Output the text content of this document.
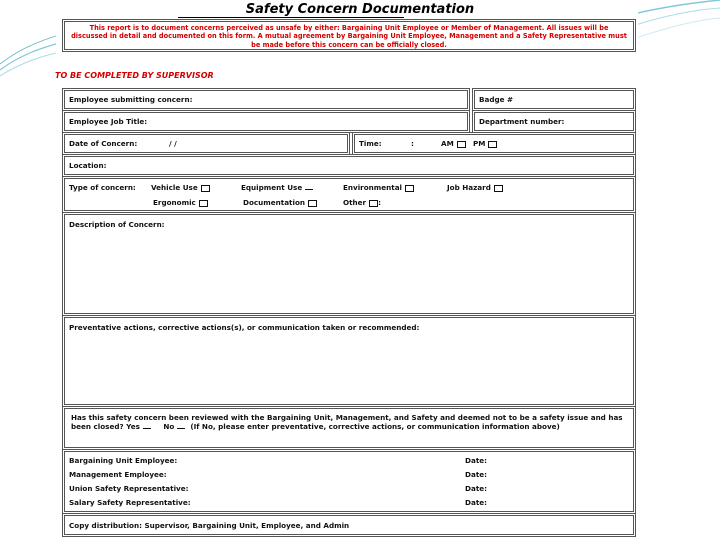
Safety Concern Documentation
This report is to document concerns perceived as unsafe by either: Bargaining Unit Employee or Member of Management. All issues will be discussed in detail and documented on this form. A mutual agreement by Bargaining Unit Employee, Management and a Safety Representative must be made before this concern can be officially closed.
TO BE COMPLETED BY SUPERVISOR
Employee submitting concern:	Badge #
Employee Job Title:	Department number:
Date of Concern:	/ /	Time:	:	AM	PM
Location:
Type of concern: Vehicle Use	Equipment Use	Environmental	Job Hazard
Ergonomic	Documentation	Other :
Description of Concern:
Preventative actions, corrective actions(s), or communication taken or recommended:
Has this safety concern been reviewed with the Bargaining Unit, Management, and Safety and deemed not to be a safety issue and has been closed? Yes	No (If No, please enter preventative, corrective actions, or communication information above)
Bargaining Unit Employee:	Date:
Management Employee:	Date:
Union Safety Representative:	Date:
Salary Safety Representative:	Date:
Copy distribution: Supervisor, Bargaining Unit, Employee, and Admin
